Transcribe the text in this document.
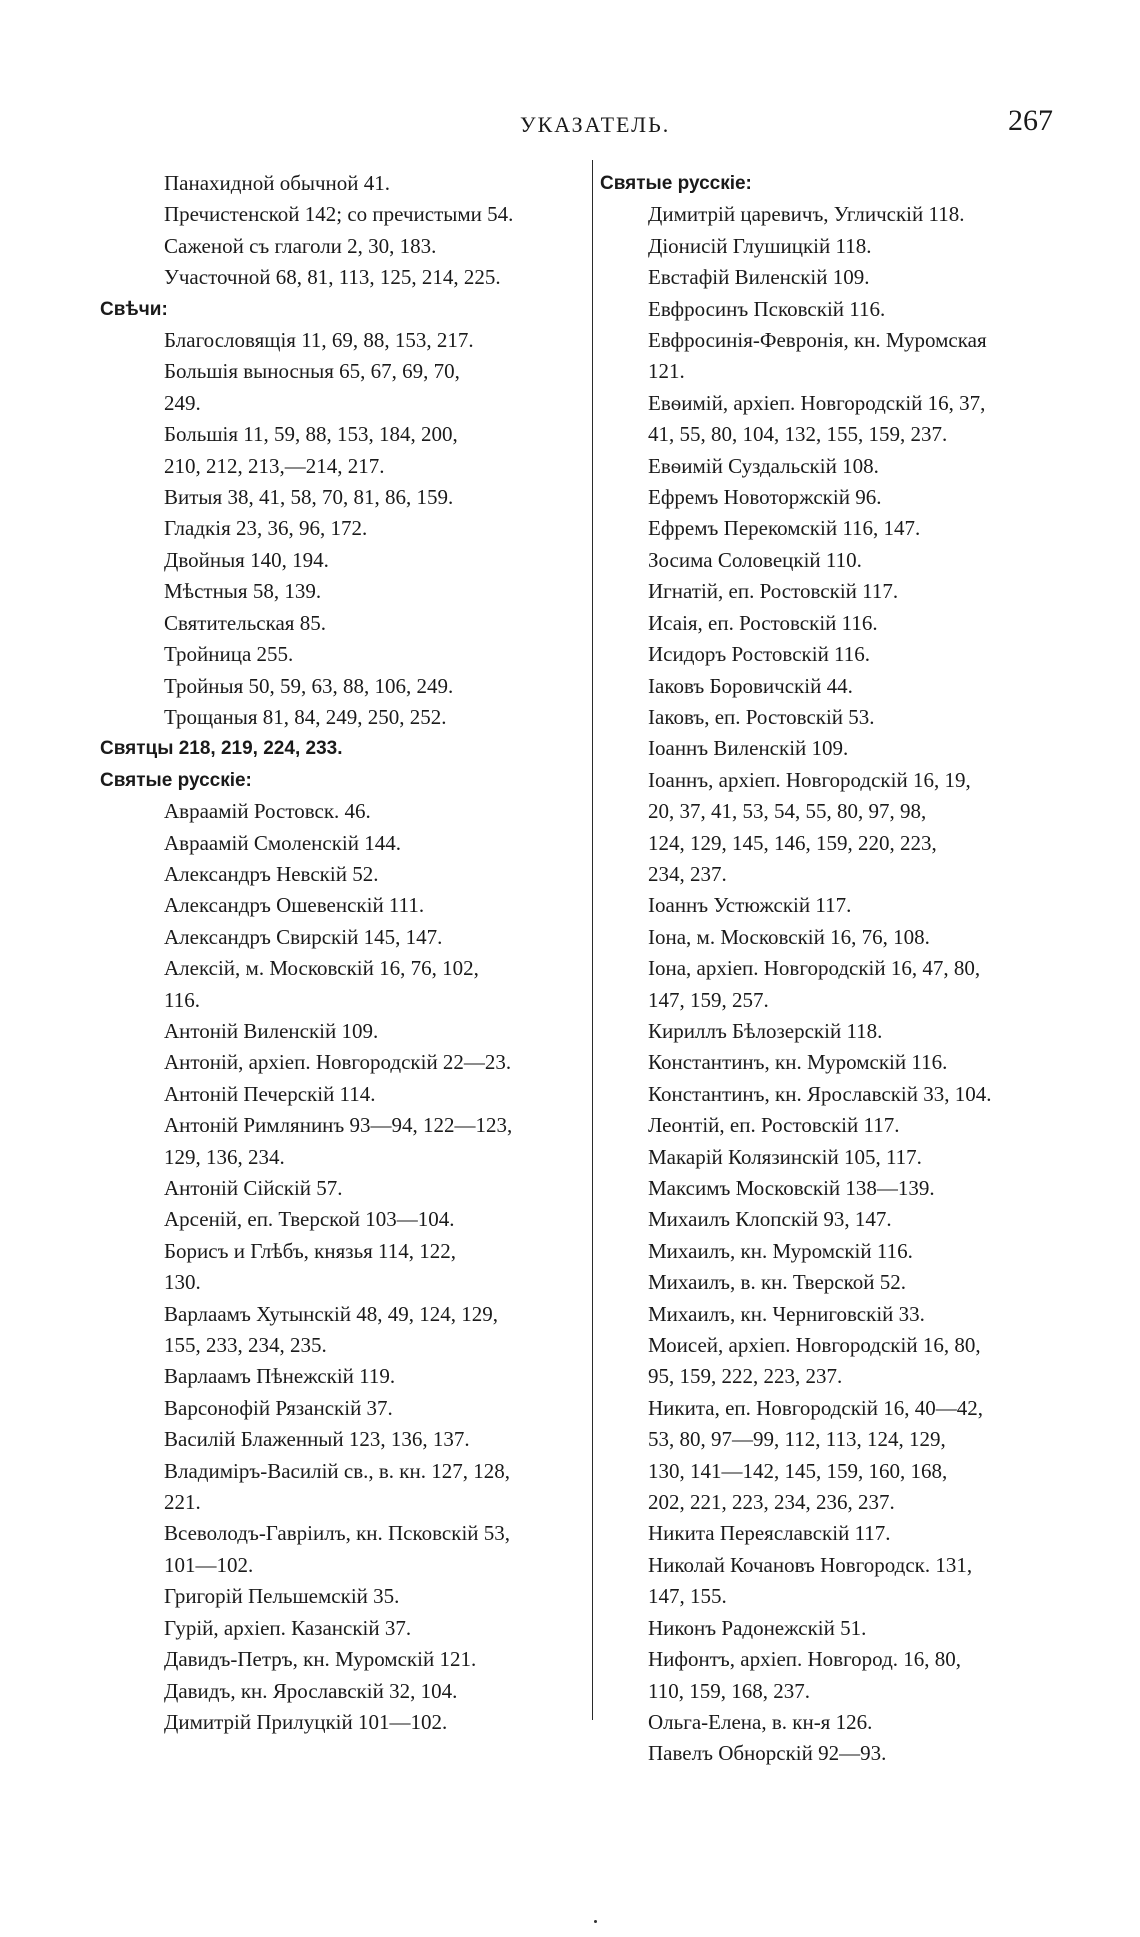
УКАЗАТЕЛЬ.	267
Панахидной обычной 41.
Пречистенской 142; со пречистыми 54.
Саженой съ глаголи 2, 30, 183.
Участочной 68, 81, 113, 125, 214, 225.
Свѣчи:
Благословящія 11, 69, 88, 153, 217.
Большія выносныя 65, 67, 69, 70,
249.
Большія 11, 59, 88, 153, 184, 200,
210, 212, 213,—214, 217.
Витыя 38, 41, 58, 70, 81, 86, 159.
Гладкія 23, 36, 96, 172.
Двойныя 140, 194.
Мѣстныя 58, 139.
Святительская 85.
Тройница 255.
Тройныя 50, 59, 63, 88, 106, 249.
Трощаныя 81, 84, 249, 250, 252.
Святцы 218, 219, 224, 233.
Святые русскіе:
Авраамій Ростовск. 46.
Авраамій Смоленскій 144.
Александръ Невскій 52.
Александръ Ошевенскій 111.
Александръ Свирскій 145, 147.
Алексій, м. Московскій 16, 76, 102,
116.
Антоній Виленскій 109.
Антоній, архіеп. Новгородскій 22—23.
Антоній Печерскій 114.
Антоній Римлянинъ 93—94, 122—123,
129, 136, 234.
Антоній Сійскій 57.
Арсеній, еп. Тверской 103—104.
Борисъ и Глѣбъ, князья 114, 122,
130.
Варлаамъ Хутынскій 48, 49, 124, 129,
155, 233, 234, 235.
Варлаамъ Пѣнежскій 119.
Варсонофій Рязанскій 37.
Василій Блаженный 123, 136, 137.
Владиміръ-Василій св., в. кн. 127, 128,
221.
Всеволодъ-Гавріилъ, кн. Псковскій 53,
101—102.
Григорій Пельшемскій 35.
Гурій, архіеп. Казанскій 37.
Давидъ-Петръ, кн. Муромскій 121.
Давидъ, кн. Ярославскій 32, 104.
Димитрій Прилуцкій 101—102.
Святые русскіе:
Димитрій царевичъ, Угличскій 118.
Діонисій Глушицкій 118.
Евстафій Виленскій 109.
Евфросинъ Псковскій 116.
Евфросинія-Февронія, кн. Муромская
121.
Евѳимій, архіеп. Новгородскій 16, 37,
41, 55, 80, 104, 132, 155, 159, 237.
Евѳимій Суздальскій 108.
Ефремъ Новоторжскій 96.
Ефремъ Перекомскій 116, 147.
Зосима Соловецкій 110.
Игнатій, еп. Ростовскій 117.
Исаія, еп. Ростовскій 116.
Исидоръ Ростовскій 116.
Іаковъ Боровичскій 44.
Іаковъ, еп. Ростовскій 53.
Іоаннъ Виленскій 109.
Іоаннъ, архіеп. Новгородскій 16, 19,
20, 37, 41, 53, 54, 55, 80, 97, 98,
124, 129, 145, 146, 159, 220, 223,
234, 237.
Іоаннъ Устюжскій 117.
Іона, м. Московскій 16, 76, 108.
Іона, архіеп. Новгородскій 16, 47, 80,
147, 159, 257.
Кириллъ Бѣлозерскій 118.
Константинъ, кн. Муромскій 116.
Константинъ, кн. Ярославскій 33, 104.
Леонтій, еп. Ростовскій 117.
Макарій Колязинскій 105, 117.
Максимъ Московскій 138—139.
Михаилъ Клопскій 93, 147.
Михаилъ, кн. Муромскій 116.
Михаилъ, в. кн. Тверской 52.
Михаилъ, кн. Черниговскій 33.
Моисей, архіеп. Новгородскій 16, 80,
95, 159, 222, 223, 237.
Никита, еп. Новгородскій 16, 40—42,
53, 80, 97—99, 112, 113, 124, 129,
130, 141—142, 145, 159, 160, 168,
202, 221, 223, 234, 236, 237.
Никита Переяславскій 117.
Николай Кочановъ Новгородск. 131,
147, 155.
Никонъ Радонежскій 51.
Нифонтъ, архіеп. Новгород. 16, 80,
110, 159, 168, 237.
Ольга-Елена, в. кн-я 126.
Павелъ Обнорскій 92—93.
